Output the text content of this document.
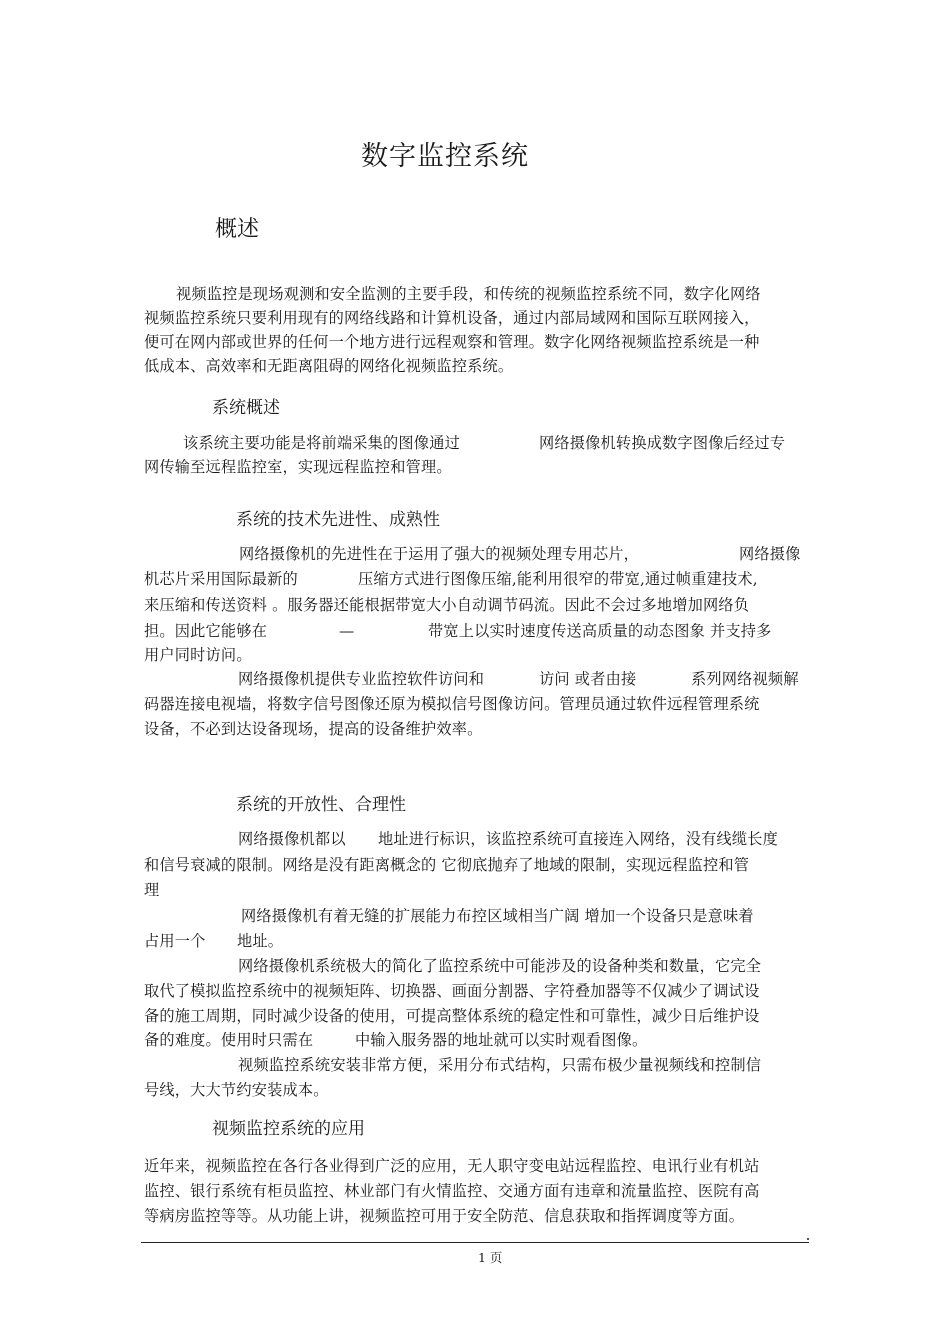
数字监控系统
概述
视频监控是现场观测和安全监测的主要手段，和传统的视频监控系统不同，数字化网络
视频监控系统只要利用现有的网络线路和计算机设备，通过内部局域网和国际互联网接入，
便可在网内部或世界的任何一个地方进行远程观察和管理。数字化网络视频监控系统是一种
低成本、高效率和无距离阻碍的网络化视频监控系统。
系统概述
该系统主要功能是将前端采集的图像通过	网络摄像机转换成数字图像后经过专
网传输至远程监控室，实现远程监控和管理。
系统的技术先进性、成熟性
网络摄像机的先进性在于运用了强大的视频处理专用芯片，	网络摄像
机芯片采用国际最新的	压缩方式进行图像压缩,能利用很窄的带宽,通过帧重建技术,
来压缩和传送资料 。服务器还能根据带宽大小自动调节码流。因此不会过多地增加网络负
担。因此它能够在	—	带宽上以实时速度传送高质量的动态图象 并支持多
用户同时访问。
网络摄像机提供专业监控软件访问和	访问 或者由接	系列网络视频解
码器连接电视墙，将数字信号图像还原为模拟信号图像访问。管理员通过软件远程管理系统
设备，不必到达设备现场，提高的设备维护效率。
系统的开放性、合理性
网络摄像机都以 地址进行标识，该监控系统可直接连入网络，没有线缆长度
和信号衰减的限制。网络是没有距离概念的 它彻底抛弃了地域的限制，实现远程监控和管
理
网络摄像机有着无缝的扩展能力布控区域相当广阔 增加一个设备只是意味着
占用一个 地址。
网络摄像机系统极大的简化了监控系统中可能涉及的设备种类和数量，它完全
取代了模拟监控系统中的视频矩阵、切换器、画面分割器、字符叠加器等不仅减少了调试设
备的施工周期，同时减少设备的使用，可提高整体系统的稳定性和可靠性，减少日后维护设
备的难度。使用时只需在	中输入服务器的地址就可以实时观看图像。
视频监控系统安装非常方便，采用分布式结构，只需布极少量视频线和控制信
号线，大大节约安装成本。
视频监控系统的应用
近年来，视频监控在各行各业得到广泛的应用，无人职守变电站远程监控、电讯行业有机站
监控、银行系统有柜员监控、林业部门有火情监控、交通方面有违章和流量监控、医院有高
等病房监控等等。从功能上讲，视频监控可用于安全防范、信息获取和指挥调度等方面。
1 页
